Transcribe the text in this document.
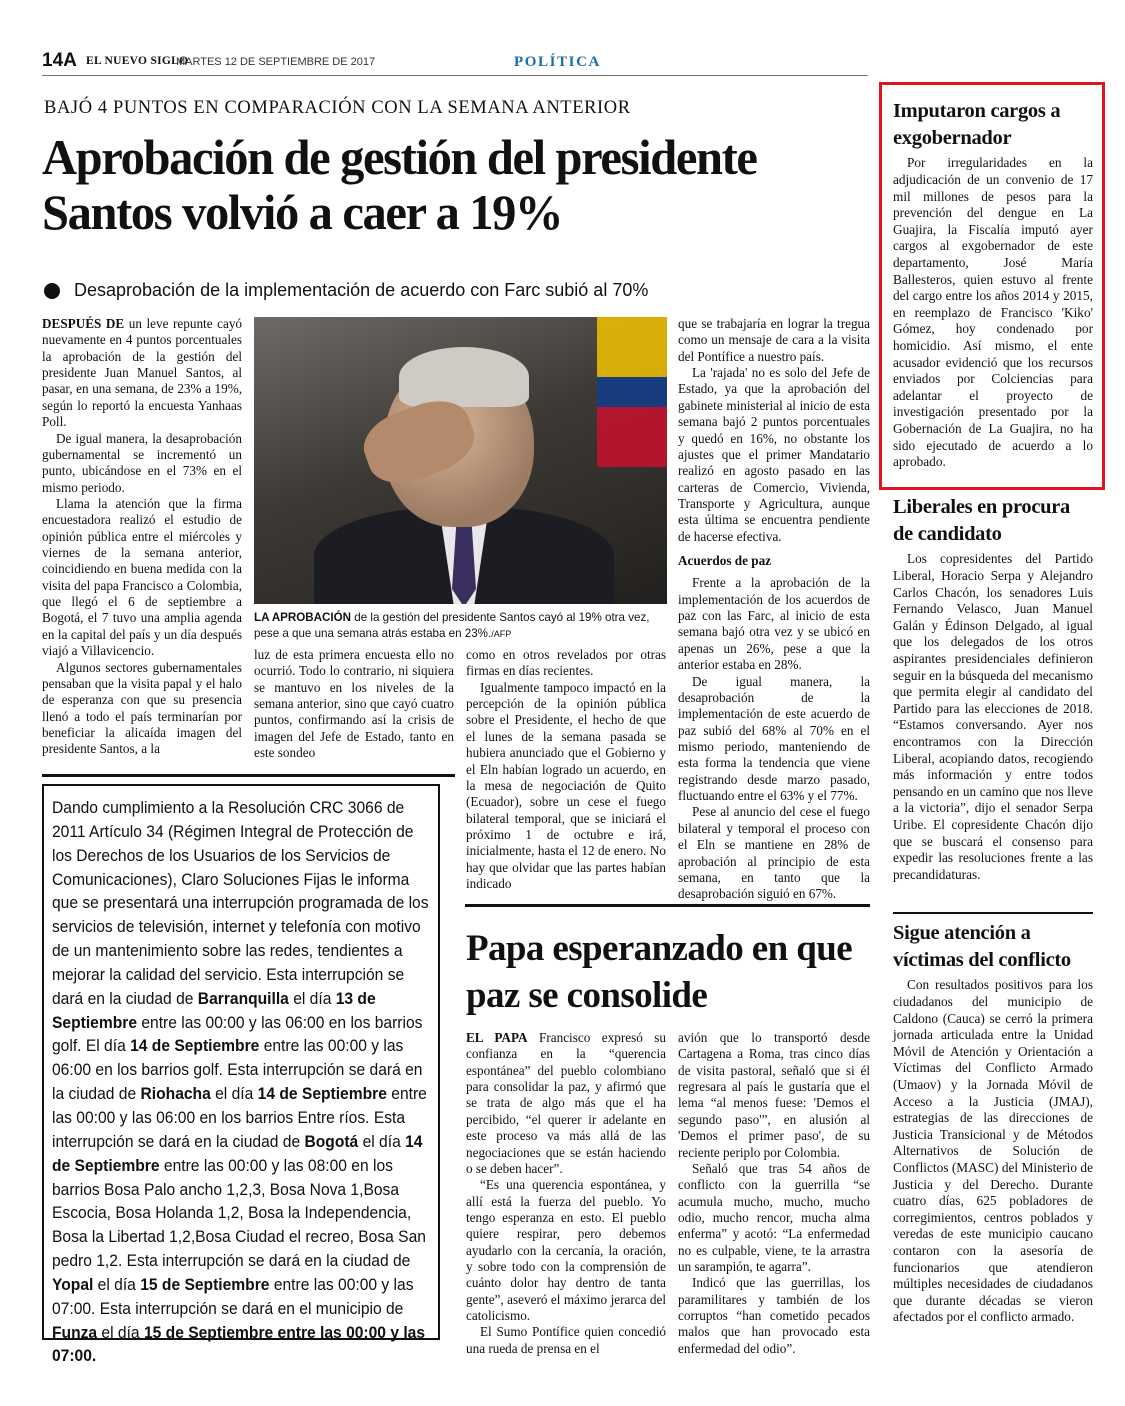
14A EL NUEVO SIGLO
MARTES 12 DE SEPTIEMBRE DE 2017	POLÍTICA
BAJÓ 4 PUNTOS EN COMPARACIÓN CON LA SEMANA ANTERIOR
Aprobación de gestión del presidente
Santos volvió a caer a 19%
Desaprobación de la implementación de acuerdo con Farc subió al 70%

DESPUÉS DE un leve repunte cayó nuevamente en 4 puntos porcentuales la aprobación de la gestión del presidente Juan Manuel Santos, al pasar, en una semana, de 23% a 19%, según lo reportó la encuesta Yanhaas Poll.

De igual manera, la desaprobación gubernamental se incrementó un punto, ubicándose en el 73% en el mismo periodo.

Llama la atención que la firma encuestadora realizó el estudio de opinión pública entre el miércoles y viernes de la semana anterior, coincidiendo en buena medida con la visita del papa Francisco a Colombia, que llegó el 6 de septiembre a Bogotá, el 7 tuvo una amplia agenda en la capital del país y un día después viajó a Villavicencio.

Algunos sectores gubernamentales pensaban que la visita papal y el halo de esperanza con que su presencia llenó a todo el país terminarían por beneficiar la alicaída imagen del presidente Santos, a la

LA APROBACIÓN de la gestión del presidente Santos cayó al 19% otra vez, pese a que una semana atrás estaba en 23%./AFP

luz de esta primera encuesta ello no ocurrió. Todo lo contrario, ni siquiera se mantuvo en los niveles de la semana anterior, sino que cayó cuatro puntos, confirmando así la crisis de imagen del Jefe de Estado, tanto en este sondeo

como en otros revelados por otras firmas en días recientes.

Igualmente tampoco impactó en la percepción de la opinión pública sobre el Presidente, el hecho de que el lunes de la semana pasada se hubiera anunciado que el Gobierno y el Eln habían logrado un acuerdo, en la mesa de negociación de Quito (Ecuador), sobre un cese el fuego bilateral temporal, que se iniciará el próximo 1 de octubre e irá, inicialmente, hasta el 12 de enero. No hay que olvidar que las partes habían indicado

que se trabajaría en lograr la tregua como un mensaje de cara a la visita del Pontífice a nuestro país.

La 'rajada' no es solo del Jefe de Estado, ya que la aprobación del gabinete ministerial al inicio de esta semana bajó 2 puntos porcentuales y quedó en 16%, no obstante los ajustes que el primer Mandatario realizó en agosto pasado en las carteras de Comercio, Vivienda, Transporte y Agricultura, aunque esta última se encuentra pendiente de hacerse efectiva.

Acuerdos de paz

Frente a la aprobación de la implementación de los acuerdos de paz con las Farc, al inicio de esta semana bajó otra vez y se ubicó en apenas un 26%, pese a que la anterior estaba en 28%.

De igual manera, la desaprobación de la implementación de este acuerdo de paz subió del 68% al 70% en el mismo periodo, manteniendo de esta forma la tendencia que viene registrando desde marzo pasado, fluctuando entre el 63% y el 77%.

Pese al anuncio del cese el fuego bilateral y temporal el proceso con el Eln se mantiene en 28% de aprobación al principio de esta semana, en tanto que la desaprobación siguió en 67%.

Dando cumplimiento a la Resolución CRC 3066 de 2011 Artículo 34 (Régimen Integral de Protección de los Derechos de los Usuarios de los Servicios de Comunicaciones), Claro Soluciones Fijas le informa que se presentará una interrupción programada de los servicios de televisión, internet y telefonía con motivo de un mantenimiento sobre las redes, tendientes a mejorar la calidad del servicio. Esta interrupción se dará en la ciudad de Barranquilla el día 13 de Septiembre entre las 00:00 y las 06:00 en los barrios golf. El día 14 de Septiembre entre las 00:00 y las 06:00 en los barrios golf. Esta interrupción se dará en la ciudad de Riohacha el día 14 de Septiembre entre las 00:00 y las 06:00 en los barrios Entre ríos. Esta interrupción se dará en la ciudad de Bogotá el día 14 de Septiembre entre las 00:00 y las 08:00 en los barrios Bosa Palo ancho 1,2,3, Bosa Nova 1,Bosa Escocia, Bosa Holanda 1,2, Bosa la Independencia, Bosa la Libertad 1,2,Bosa Ciudad el recreo, Bosa San pedro 1,2. Esta interrupción se dará en la ciudad de Yopal el día 15 de Septiembre entre las 00:00 y las 07:00. Esta interrupción se dará en el municipio de Funza el día 15 de Septiembre entre las 00:00 y las 07:00.
Papa esperanzado en que paz se consolide

EL PAPA Francisco expresó su confianza en la “querencia espontánea” del pueblo colombiano para consolidar la paz, y afirmó que se trata de algo más que el ha percibido, “el querer ir adelante en este proceso va más allá de las negociaciones que se están haciendo o se deben hacer”.

“Es una querencia espontánea, y allí está la fuerza del pueblo. Yo tengo esperanza en esto. El pueblo quiere respirar, pero debemos ayudarlo con la cercanía, la oración, y sobre todo con la comprensión de cuánto dolor hay dentro de tanta gente”, aseveró el máximo jerarca del catolicismo.

El Sumo Pontífice quien concedió una rueda de prensa en el

avión que lo transportó desde Cartagena a Roma, tras cinco días de visita pastoral, señaló que si él regresara al país le gustaría que el lema “al menos fuese: 'Demos el segundo paso'”, en alusión al 'Demos el primer paso', de su reciente periplo por Colombia.

Señaló que tras 54 años de conflicto con la guerrilla “se acumula mucho, mucho, mucho odio, mucho rencor, mucha alma enferma” y acotó: “La enfermedad no es culpable, viene, te la arrastra un sarampión, te agarra”.

Indicó que las guerrillas, los paramilitares y también de los corruptos “han cometido pecados malos que han provocado esta enfermedad del odio”.

Imputaron cargos a exgobernador

Por irregularidades en la adjudicación de un convenio de 17 mil millones de pesos para la prevención del dengue en La Guajira, la Fiscalía imputó ayer cargos al exgobernador de este departamento, José María Ballesteros, quien estuvo al frente del cargo entre los años 2014 y 2015, en reemplazo de Francisco 'Kiko' Gómez, hoy condenado por homicidio. Así mismo, el ente acusador evidenció que los recursos enviados por Colciencias para adelantar el proyecto de investigación presentado por la Gobernación de La Guajira, no ha sido ejecutado de acuerdo a lo aprobado.

Liberales en procura de candidato

Los copresidentes del Partido Liberal, Horacio Serpa y Alejandro Carlos Chacón, los senadores Luis Fernando Velasco, Juan Manuel Galán y Édinson Delgado, al igual que los delegados de los otros aspirantes presidenciales definieron seguir en la búsqueda del mecanismo que permita elegir al candidato del Partido para las elecciones de 2018. “Estamos conversando. Ayer nos encontramos con la Dirección Liberal, acopiando datos, recogiendo más información y entre todos pensando en un camino que nos lleve a la victoria”, dijo el senador Serpa Uribe. El copresidente Chacón dijo que se buscará el consenso para expedir las resoluciones frente a las precandidaturas.

Sigue atención a víctimas del conflicto

Con resultados positivos para los ciudadanos del municipio de Caldono (Cauca) se cerró la primera jornada articulada entre la Unidad Móvil de Atención y Orientación a Víctimas del Conflicto Armado (Umaov) y la Jornada Móvil de Acceso a la Justicia (JMAJ), estrategias de las direcciones de Justicia Transicional y de Métodos Alternativos de Solución de Conflictos (MASC) del Ministerio de Justicia y del Derecho. Durante cuatro días, 625 pobladores de corregimientos, centros poblados y veredas de este municipio caucano contaron con la asesoría de funcionarios que atendieron múltiples necesidades de ciudadanos que durante décadas se vieron afectados por el conflicto armado.
